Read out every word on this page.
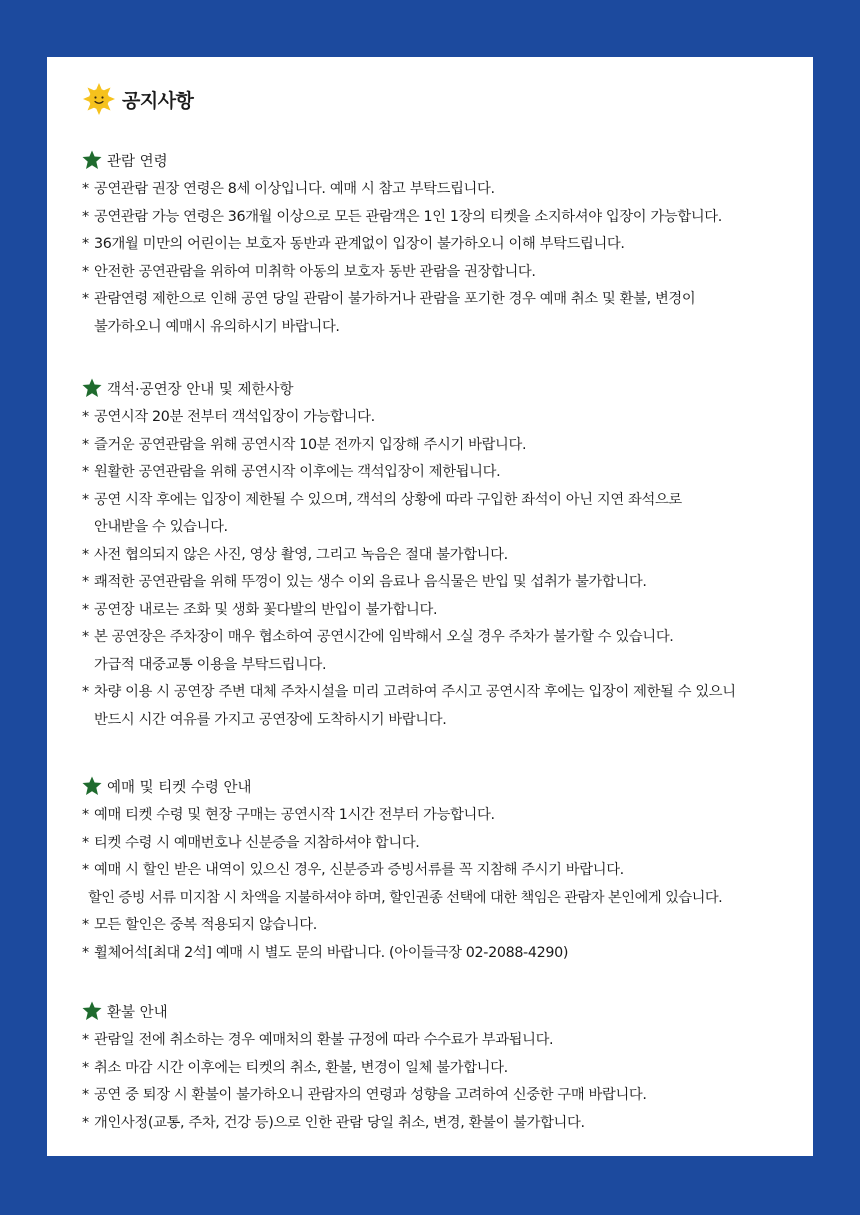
공지사항
관람 연령
* 공연관람 권장 연령은 8세 이상입니다. 예매 시 참고 부탁드립니다.
* 공연관람 가능 연령은 36개월 이상으로 모든 관람객은 1인 1장의 티켓을 소지하셔야 입장이 가능합니다.
* 36개월 미만의 어린이는 보호자 동반과 관계없이 입장이 불가하오니 이해 부탁드립니다.
* 안전한 공연관람을 위하여 미취학 아동의 보호자 동반 관람을 권장합니다.
* 관람연령 제한으로 인해 공연 당일 관람이 불가하거나 관람을 포기한 경우 예매 취소 및 환불, 변경이
불가하오니 예매시 유의하시기 바랍니다.
객석·공연장 안내 및 제한사항
* 공연시작 20분 전부터 객석입장이 가능합니다.
* 즐거운 공연관람을 위해 공연시작 10분 전까지 입장해 주시기 바랍니다.
* 원활한 공연관람을 위해 공연시작 이후에는 객석입장이 제한됩니다.
* 공연 시작 후에는 입장이 제한될 수 있으며, 객석의 상황에 따라 구입한 좌석이 아닌 지연 좌석으로
안내받을 수 있습니다.
* 사전 협의되지 않은 사진, 영상 촬영, 그리고 녹음은 절대 불가합니다.
* 쾌적한 공연관람을 위해 뚜껑이 있는 생수 이외 음료나 음식물은 반입 및 섭취가 불가합니다.
* 공연장 내로는 조화 및 생화 꽃다발의 반입이 불가합니다.
* 본 공연장은 주차장이 매우 협소하여 공연시간에 임박해서 오실 경우 주차가 불가할 수 있습니다.
가급적 대중교통 이용을 부탁드립니다.
* 차량 이용 시 공연장 주변 대체 주차시설을 미리 고려하여 주시고 공연시작 후에는 입장이 제한될 수 있으니
반드시 시간 여유를 가지고 공연장에 도착하시기 바랍니다.
예매 및 티켓 수령 안내
* 예매 티켓 수령 및 현장 구매는 공연시작 1시간 전부터 가능합니다.
* 티켓 수령 시 예매번호나 신분증을 지참하셔야 합니다.
* 예매 시 할인 받은 내역이 있으신 경우, 신분증과 증빙서류를 꼭 지참해 주시기 바랍니다.
할인 증빙 서류 미지참 시 차액을 지불하셔야 하며, 할인권종 선택에 대한 책임은 관람자 본인에게 있습니다.
* 모든 할인은 중복 적용되지 않습니다.
* 휠체어석[최대 2석] 예매 시 별도 문의 바랍니다. (아이들극장 02-2088-4290)
환불 안내
* 관람일 전에 취소하는 경우 예매처의 환불 규정에 따라 수수료가 부과됩니다.
* 취소 마감 시간 이후에는 티켓의 취소, 환불, 변경이 일체 불가합니다.
* 공연 중 퇴장 시 환불이 불가하오니 관람자의 연령과 성향을 고려하여 신중한 구매 바랍니다.
* 개인사정(교통, 주차, 건강 등)으로 인한 관람 당일 취소, 변경, 환불이 불가합니다.
